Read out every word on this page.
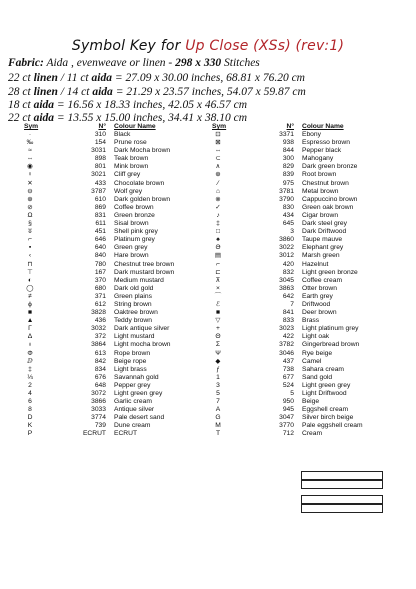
Symbol Key for Up Close (XSs) (rev:1)
Fabric: Aida , evenweave or linen - 298 x 330 Stitches
22 ct linen / 11 ct aida = 27.09 x 30.00 inches, 68.81 x 76.20 cm
28 ct linen / 14 ct aida = 21.29 x 23.57 inches, 54.07 x 59.87 cm
18 ct aida = 16.56 x 18.33 inches, 42.05 x 46.57 cm
22 ct aida = 13.55 x 15.00 inches, 34.41 x 38.10 cm
Sym	N° Colour Name
·	310 Black
‰	154 Prune rose
≈	3031 Dark Mocha brown
⇔	898 Teak brown
◉	801 Mink brown
♀	3021 Cliff grey
✕	433 Chocolate brown
⊖	3787 Wolf grey
⊕	610 Dark golden brown
⊘	869 Coffee brown
Ω	831 Green bronze
§	611 Sisal brown
ʬ	451 Shell pink grey
⌐	646 Platinum grey
▪	640 Green grey
‹	840 Hare brown
⊓	780 Chestnut tree brown
⊤	167 Dark mustard brown
◐	370 Medium mustard
◯	680 Dark old gold
≠	371 Green plains
ɸ	612 String brown
■	3828 Oaktree brown
▲	436 Teddy brown
Γ	3032 Dark antique silver
Δ	372 Light mustard
♁	3864 Light mocha brown
Φ	613 Rope brown
ⅅ	842 Beige rope
‡	834 Light brass
⅓	676 Savannah gold
2	648 Pepper grey
4	3072 Light green grey
6	3866 Garlic cream
8	3033 Antique silver
D	3774 Pale desert sand
K	739 Dune cream
P	ECRUT ECRUT
Sym	N° Colour Name
⊡	3371 Ebony
⊠	938 Espresso brown
⇔	844 Pepper black
⊂	300 Mahogany
∧	829 Dark green bronze
⊕	839 Root brown
∕	975 Chestnut brown
⌂	3781 Metal brown
⊗	3790 Cappuccino brown
✓	830 Green oak brown
♪	434 Cigar brown
‡	645 Dark steel grey
□	3 Dark Driftwood
♠	3860 Taupe mauve
Ə	3022 Elephant grey
▤	3012 Marsh green
⌐	420 Hazelnut
⊏	832 Light green bronze
⊼	3045 Coffee cream
×	3863 Otter brown
⌒	642 Earth grey
ℰ	7 Driftwood
■	841 Deer brown
▽	833 Brass
+	3023 Light platinum grey
Θ	422 Light oak
Σ	3782 Gingerbread brown
Ψ	3046 Rye beige
◆	437 Camel
ƒ	738 Sahara cream
1	677 Sand gold
3	524 Light green grey
5	5 Light Driftwood
7	950 Beige
A	945 Eggshell cream
G	3047 Silver birch beige
M	3770 Pale eggshell cream
T	712 Cream
